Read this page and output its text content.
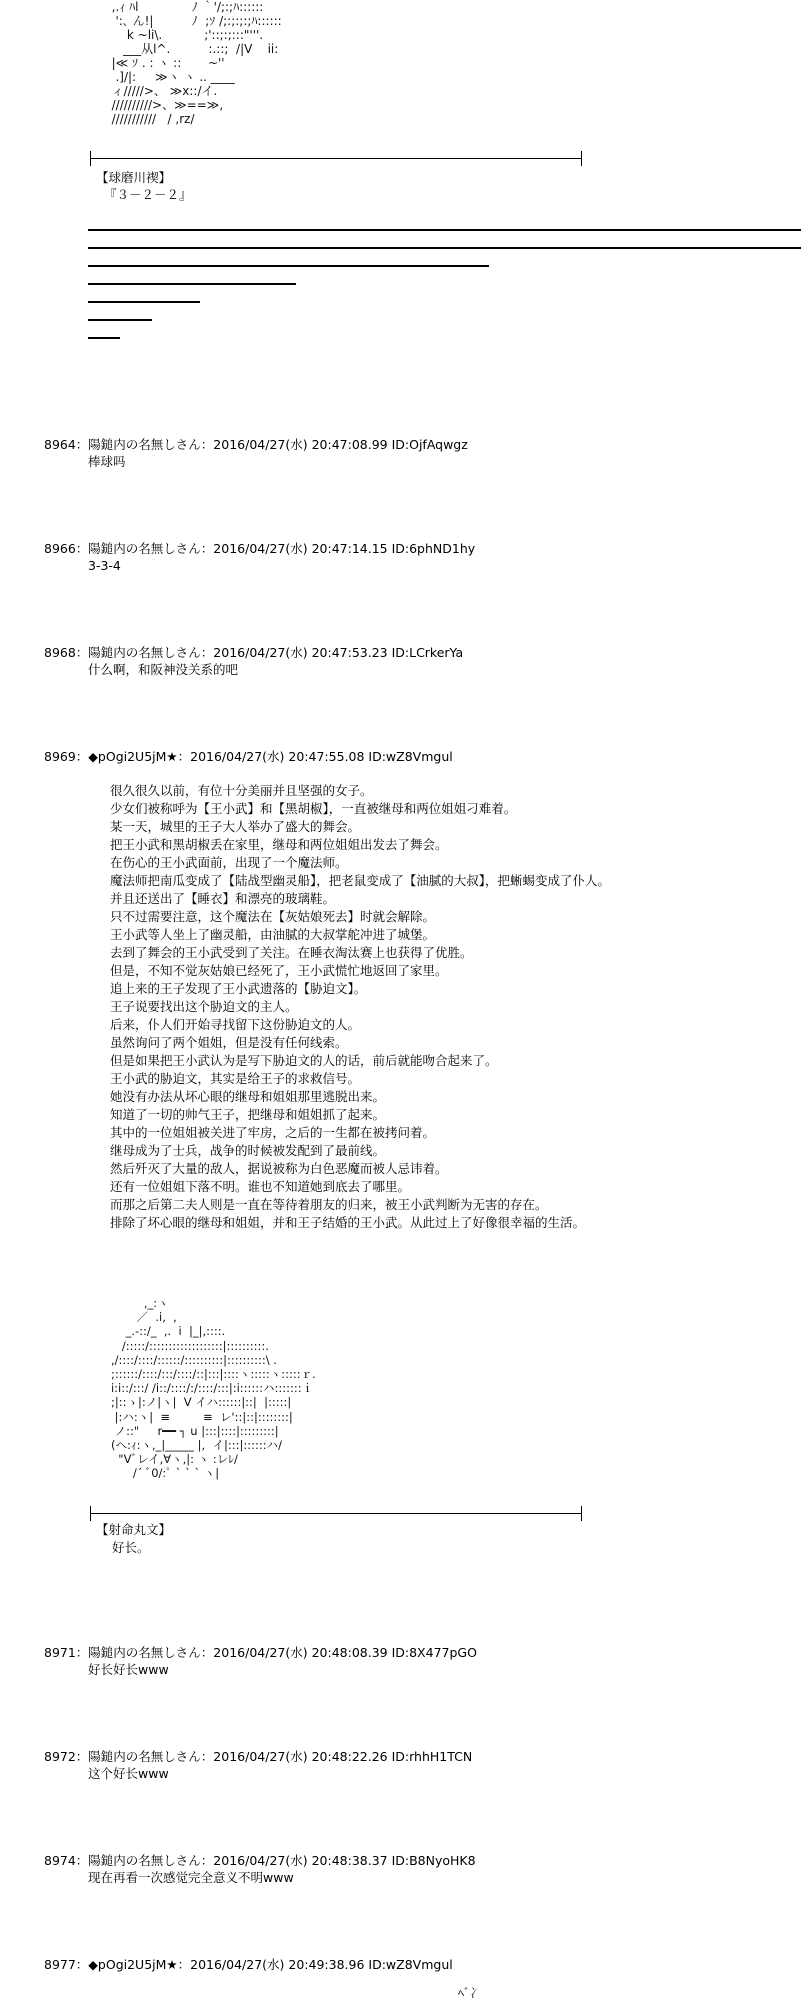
,.ｨ ﾊl              ﾉ ｀'/;:;ﾊ::::::
':､ ん!|          ﾉ  ;ｿ /;:;:;:;ﾊ::::::
k ~li\.           ;'::;:;:::"'''.
___从l^.          :.::;  /|V    ii:
|≪ ｿ . : ヽ ::       ~''
.]/|:     ≫ヽ ヽ .. ____
ィ/////>、 ≫x::/イ.
//////////>、≫==≫,
///////////   / ,rz/
【球磨川禊】
『３－２－２』
8964：陽鎚内の名無しさん：2016/04/27(水) 20:47:08.99 ID:OjfAqwgz
棒球吗
8966：陽鎚内の名無しさん：2016/04/27(水) 20:47:14.15 ID:6phND1hy
3-3-4
8968：陽鎚内の名無しさん：2016/04/27(水) 20:47:53.23 ID:LCrkerYa
什么啊，和阪神没关系的吧
8969：◆pOgi2U5jM★：2016/04/27(水) 20:47:55.08 ID:wZ8Vmgul
很久很久以前，有位十分美丽并且坚强的女子。
少女们被称呼为【王小武】和【黑胡椒】，一直被继母和两位姐姐刁难着。
某一天，城里的王子大人举办了盛大的舞会。
把王小武和黑胡椒丢在家里，继母和两位姐姐出发去了舞会。
在伤心的王小武面前，出现了一个魔法师。
魔法师把南瓜变成了【陆战型幽灵船】，把老鼠变成了【油腻的大叔】，把蜥蜴变成了仆人。
并且还送出了【睡衣】和漂亮的玻璃鞋。
只不过需要注意，这个魔法在【灰姑娘死去】时就会解除。
王小武等人坐上了幽灵船，由油腻的大叔掌舵冲进了城堡。
去到了舞会的王小武受到了关注。在睡衣淘汰赛上也获得了优胜。
但是，不知不觉灰姑娘已经死了，王小武慌忙地返回了家里。
追上来的王子发现了王小武遗落的【胁迫文】。
王子说要找出这个胁迫文的主人。
后来，仆人们开始寻找留下这份胁迫文的人。
虽然询问了两个姐姐，但是没有任何线索。
但是如果把王小武认为是写下胁迫文的人的话，前后就能吻合起来了。
王小武的胁迫文，其实是给王子的求救信号。
她没有办法从坏心眼的继母和姐姐那里逃脱出来。
知道了一切的帅气王子，把继母和姐姐抓了起来。
其中的一位姐姐被关进了牢房，之后的一生都在被拷问着。
继母成为了士兵，战争的时候被发配到了最前线。
然后歼灭了大量的敌人，据说被称为白色恶魔而被人忌讳着。
还有一位姐姐下落不明。谁也不知道她到底去了哪里。
而那之后第二夫人则是一直在等待着朋友的归来，被王小武判断为无害的存在。
排除了坏心眼的继母和姐姐，并和王子结婚的王小武。从此过上了好像很幸福的生活。
,_:ヽ
／  .i,  ,
_.-::/_  ,.  i  |_|,::::.
/:::::/:::::::::::::::::::|::::::::::.
,/::::/::::/::::::/::::::::::|::::::::::\ .
;::::::/::::/:::/::::/::|:::|::::ヽ:::::ヽ:::::ｒ.
i:i::/:::/ /i::/::::/:/::::/:::|:i::::::ハ:::::::ｉ
;|::ゝ|:ノ|ヽ|  V イハ::::::|::|  |:::::|
|:ハ:ヽ|  ≡         ≡  レ'::|::|::::::::|
ノ::"     r━━ ┐ u |:::|::::|:::::::::|
(ヘ:ｨ:ヽ,_|_____ |,  イ|:::|::::::ハ/
"Vﾞレイ,∀ヽ,|: ヽ :レﾚ/
/´ ﾞ0/:ﾟ ` ` ` ヽ|
【射命丸文】
好长。
8971：陽鎚内の名無しさん：2016/04/27(水) 20:48:08.39 ID:8X477pGO
好长好长www
8972：陽鎚内の名無しさん：2016/04/27(水) 20:48:22.26 ID:rhhH1TCN
这个好长www
8974：陽鎚内の名無しさん：2016/04/27(水) 20:48:38.37 ID:B8NyoHK8
现在再看一次感觉完全意义不明www
8977：◆pOgi2U5jM★：2016/04/27(水) 20:49:38.96 ID:wZ8Vmgul
ﾍﾞ冫
